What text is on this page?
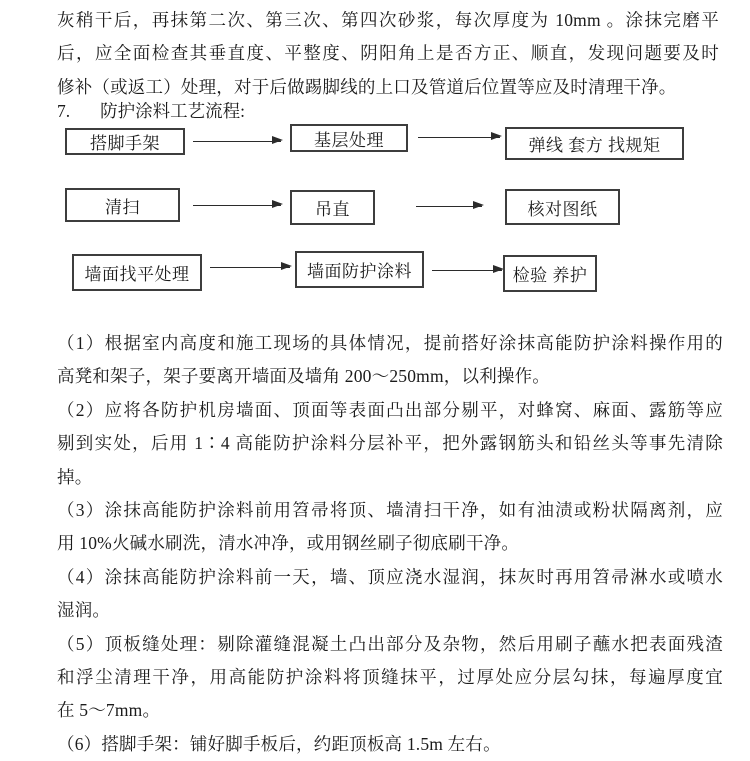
灰稍干后，再抹第二次、第三次、第四次砂浆，每次厚度为 10mm 。涂抹完磨平
后，应全面检查其垂直度、平整度、阴阳角上是否方正、顺直，发现问题要及时
修补（或返工）处理，对于后做踢脚线的上口及管道后位置等应及时清理干净。
7. 防护涂料工艺流程:
搭脚手架	基层处理	弹线 套方 找规矩
清扫	吊直	核对图纸
墙面找平处理	墙面防护涂料	检验 养护
（1）根据室内高度和施工现场的具体情况，提前搭好涂抹高能防护涂料操作用的
高凳和架子，架子要离开墙面及墙角 200～250mm，以利操作。
（2）应将各防护机房墙面、顶面等表面凸出部分剔平，对蜂窝、麻面、露筋等应
剔到实处，后用 1∶4 高能防护涂料分层补平，把外露钢筋头和铅丝头等事先清除
掉。
（3）涂抹高能防护涂料前用笤帚将顶、墙清扫干净，如有油渍或粉状隔离剂，应
用 10%火碱水刷洗，清水冲净，或用钢丝刷子彻底刷干净。
（4）涂抹高能防护涂料前一天，墙、顶应浇水湿润，抹灰时再用笤帚淋水或喷水
湿润。
（5）顶板缝处理：剔除灌缝混凝土凸出部分及杂物，然后用刷子蘸水把表面残渣
和浮尘清理干净，用高能防护涂料将顶缝抹平，过厚处应分层勾抹，每遍厚度宜
在 5～7mm。
（6）搭脚手架：铺好脚手板后，约距顶板高 1.5m 左右。
